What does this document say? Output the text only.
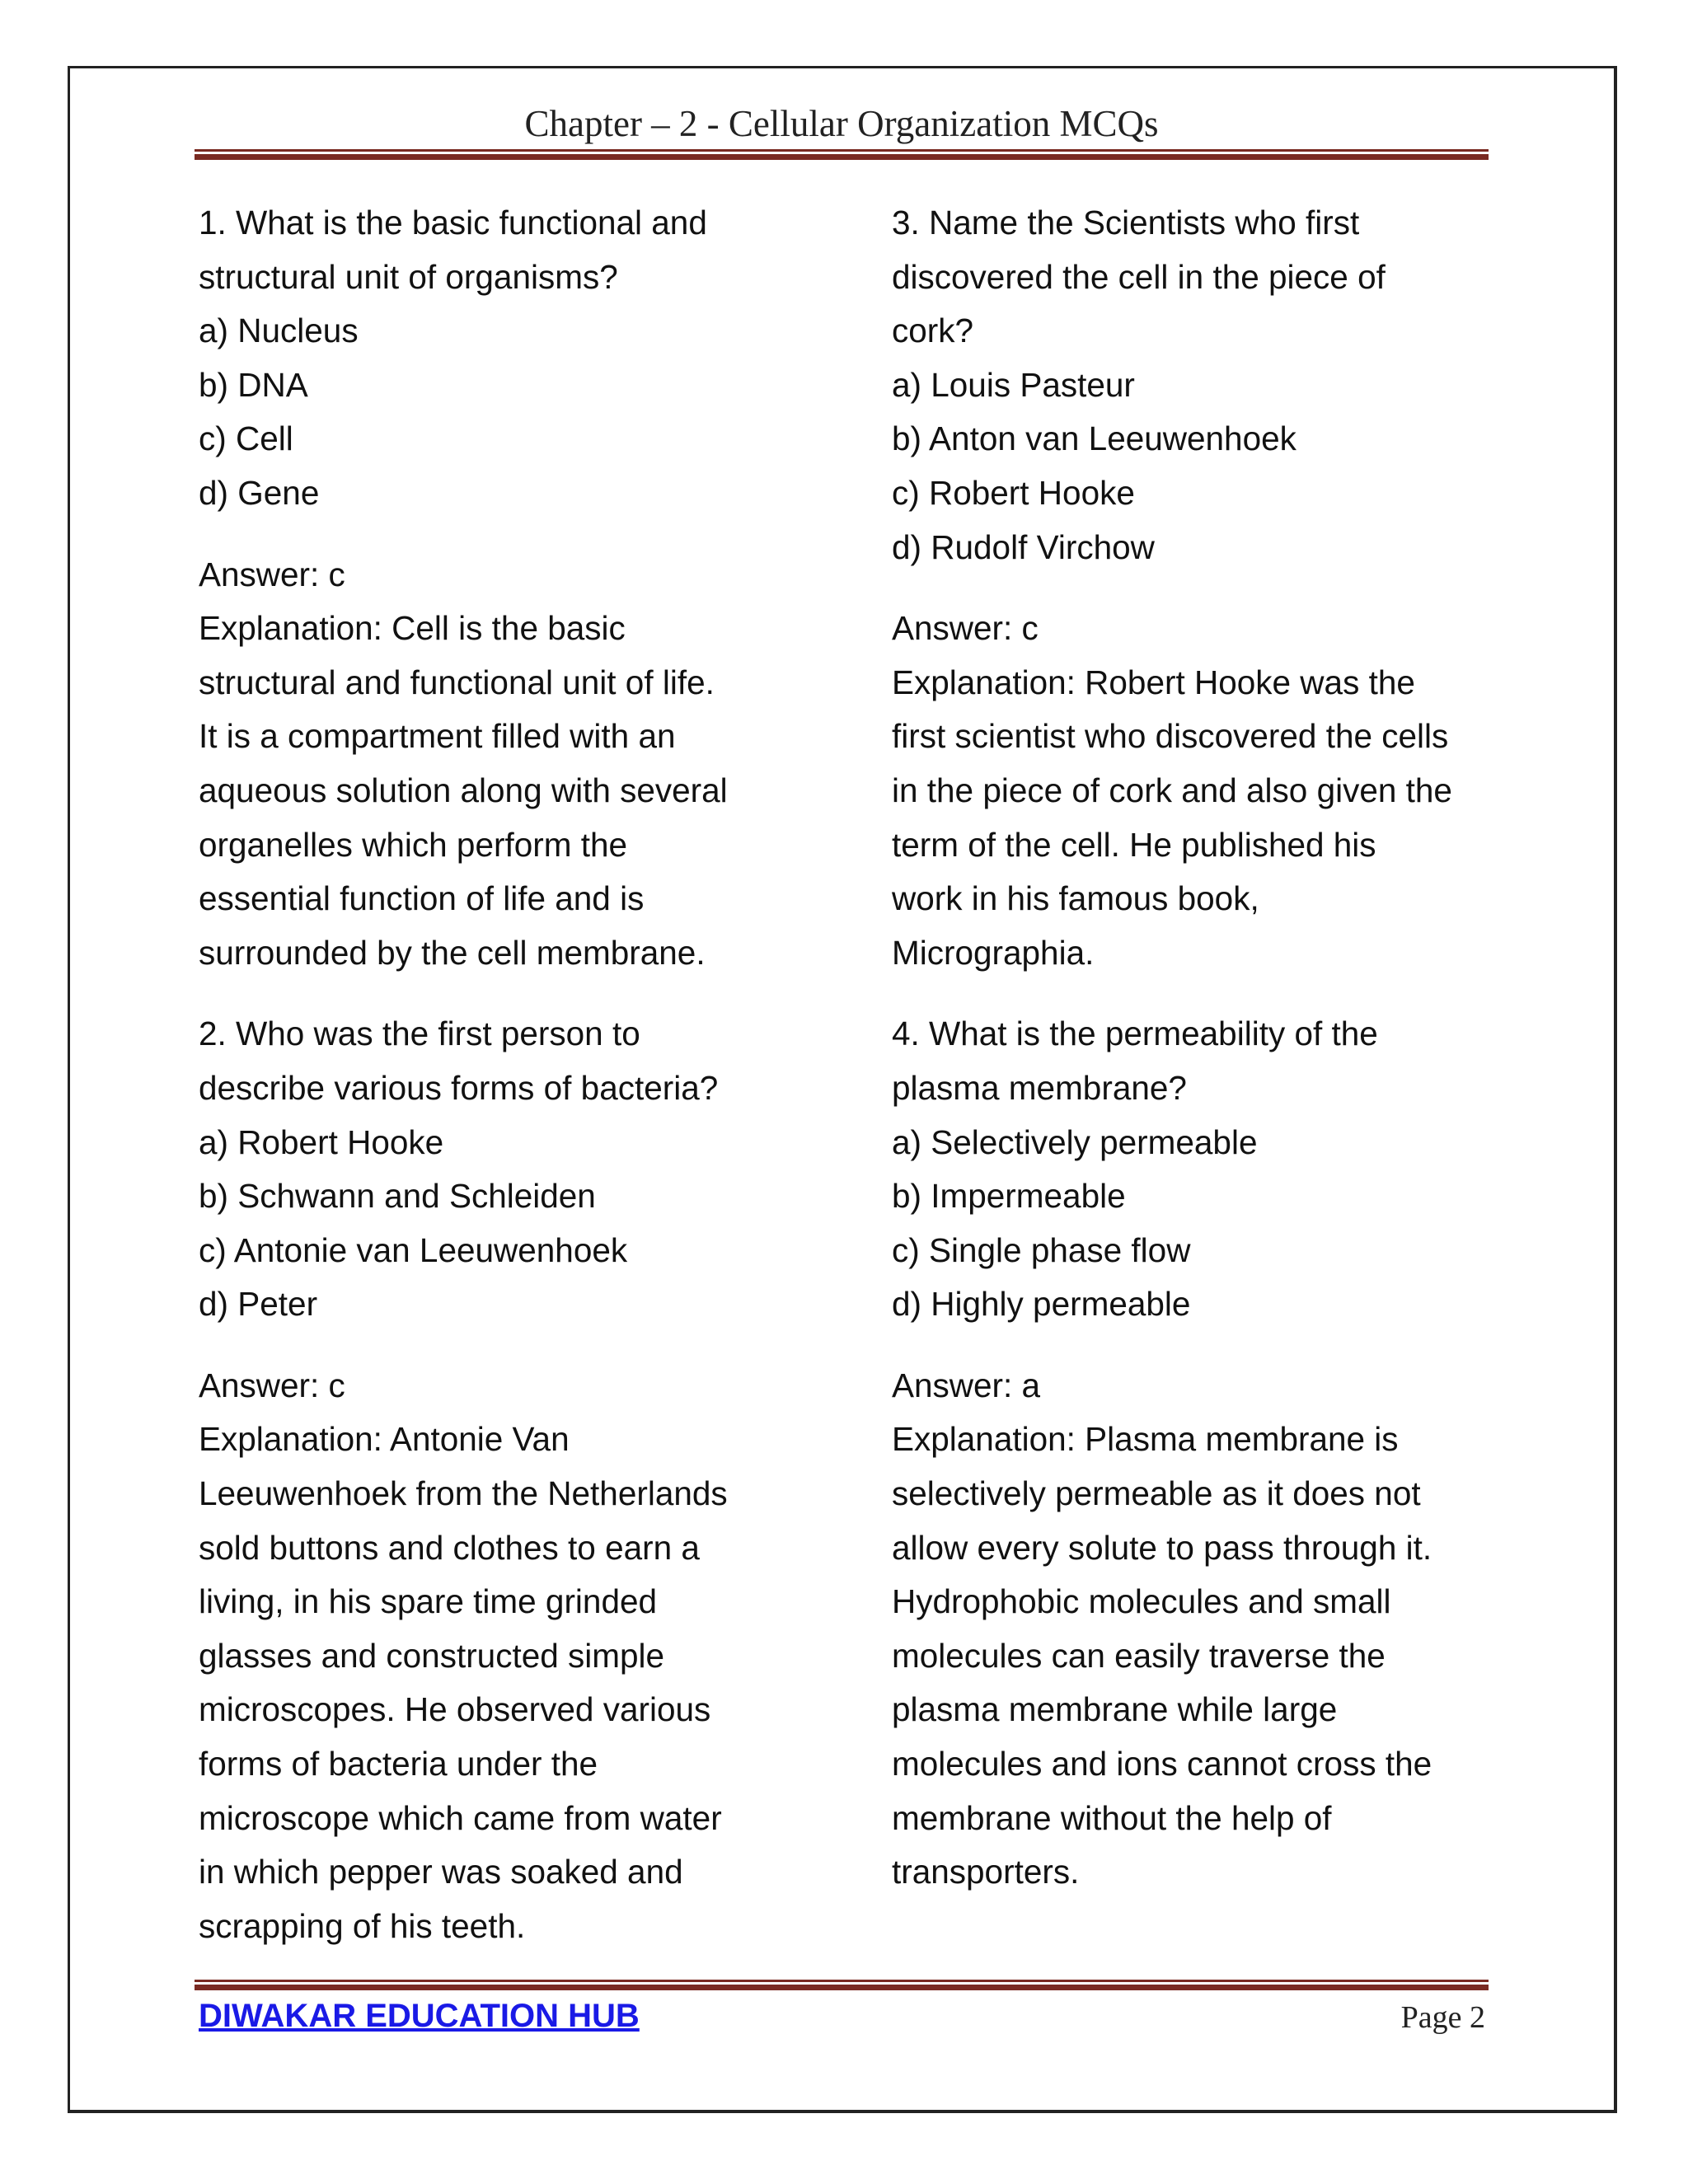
Chapter – 2 - Cellular Organization MCQs
1. What is the basic functional and
structural unit of organisms?
a) Nucleus
b) DNA
c) Cell
d) Gene
Answer: c
Explanation: Cell is the basic
structural and functional unit of life.
It is a compartment filled with an
aqueous solution along with several
organelles which perform the
essential function of life and is
surrounded by the cell membrane.
2. Who was the first person to
describe various forms of bacteria?
a) Robert Hooke
b) Schwann and Schleiden
c) Antonie van Leeuwenhoek
d) Peter
Answer: c
Explanation: Antonie Van
Leeuwenhoek from the Netherlands
sold buttons and clothes to earn a
living, in his spare time grinded
glasses and constructed simple
microscopes. He observed various
forms of bacteria under the
microscope which came from water
in which pepper was soaked and
scrapping of his teeth.
3. Name the Scientists who first
discovered the cell in the piece of
cork?
a) Louis Pasteur
b) Anton van Leeuwenhoek
c) Robert Hooke
d) Rudolf Virchow
Answer: c
Explanation: Robert Hooke was the
first scientist who discovered the cells
in the piece of cork and also given the
term of the cell. He published his
work in his famous book,
Micrographia.
4. What is the permeability of the
plasma membrane?
a) Selectively permeable
b) Impermeable
c) Single phase flow
d) Highly permeable
Answer: a
Explanation: Plasma membrane is
selectively permeable as it does not
allow every solute to pass through it.
Hydrophobic molecules and small
molecules can easily traverse the
plasma membrane while large
molecules and ions cannot cross the
membrane without the help of
transporters.
DIWAKAR EDUCATION HUB	Page 2
